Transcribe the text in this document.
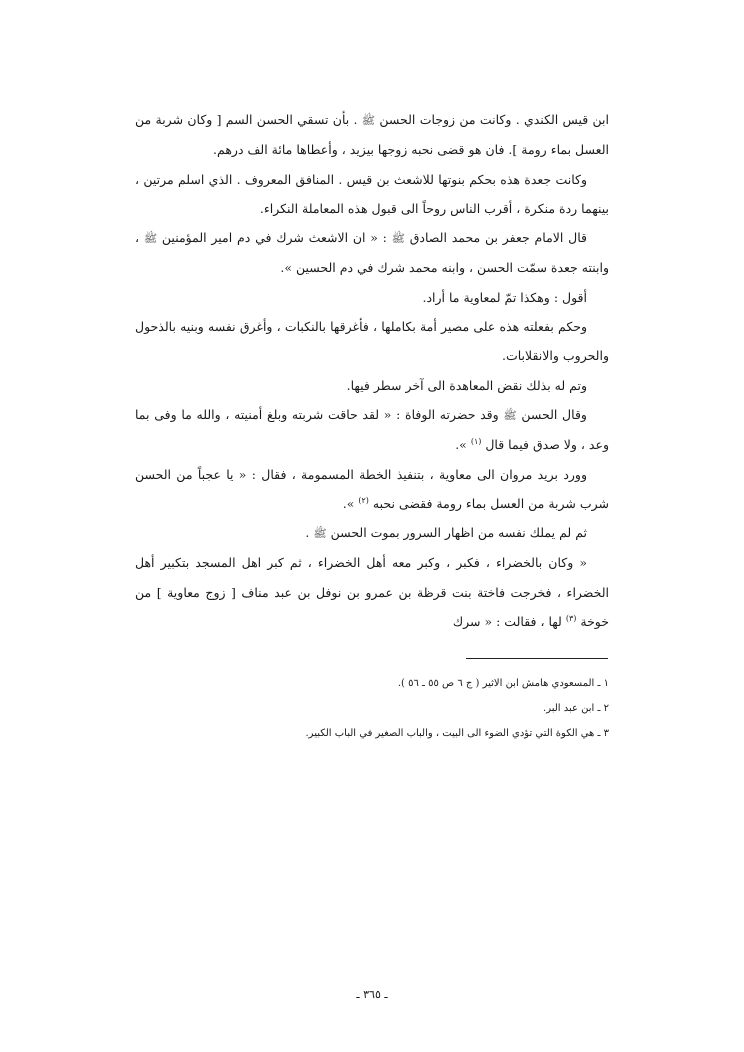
ابن قيس الكندي . وكانت من زوجات الحسن ﷺ . بأن تسقي الحسن السم [ وكان شربة من العسل بماء رومة ]. فان هو قضى نحبه زوجها بيزيد ، وأعطاها مائة الف درهم.

وكانت جعدة هذه بحكم بنوتها للاشعث بن قيس . المنافق المعروف . الذي اسلم مرتين ، بينهما ردة منكرة ، أقرب الناس روحاً الى قبول هذه المعاملة النكراء.

قال الامام جعفر بن محمد الصادق ﷺ : « ان الاشعث شرك في دم امير المؤمنين ﷺ ، وابنته جعدة سمّت الحسن ، وابنه محمد شرك في دم الحسين ».

أقول : وهكذا تمّ لمعاوية ما أراد.

وحكم بفعلته هذه على مصير أمة بكاملها ، فأغرقها بالنكبات ، وأغرق نفسه وبنيه بالذحول والحروب والانقلابات.

وتم له بذلك نقض المعاهدة الى آخر سطر فيها.

وقال الحسن ﷺ وقد حضرته الوفاة : « لقد حاقت شربته وبلغ أمنيته ، والله ما وفى بما وعد ، ولا صدق فيما قال $^{(١)}$ ».

وورد بريد مروان الى معاوية ، بتنفيذ الخطة المسمومة ، فقال : « يا عجباً من الحسن شرب شربة من العسل بماء رومة فقضى نحبه $^{(٢)}$ ».

ثم لم يملك نفسه من اظهار السرور بموت الحسن ﷺ .

« وكان بالخضراء ، فكبر ، وكبر معه أهل الخضراء ، ثم كبر اهل المسجد بتكبير أهل الخضراء ، فخرجت فاختة بنت قرظة بن عمرو بن نوفل بن عبد مناف [ زوج معاوية ] من خوخة $^{(٣)}$ لها ، فقالت : « سرك

١ ـ المسعودي هامش ابن الاثير ( ج ٦ ص ٥٥ ـ ٥٦ ).

٢ ـ ابن عبد البر.

٣ ـ هي الكوة التي تؤدي الضوء الى البيت ، والباب الصغير في الباب الكبير.

ـ ٣٦٥ ـ
